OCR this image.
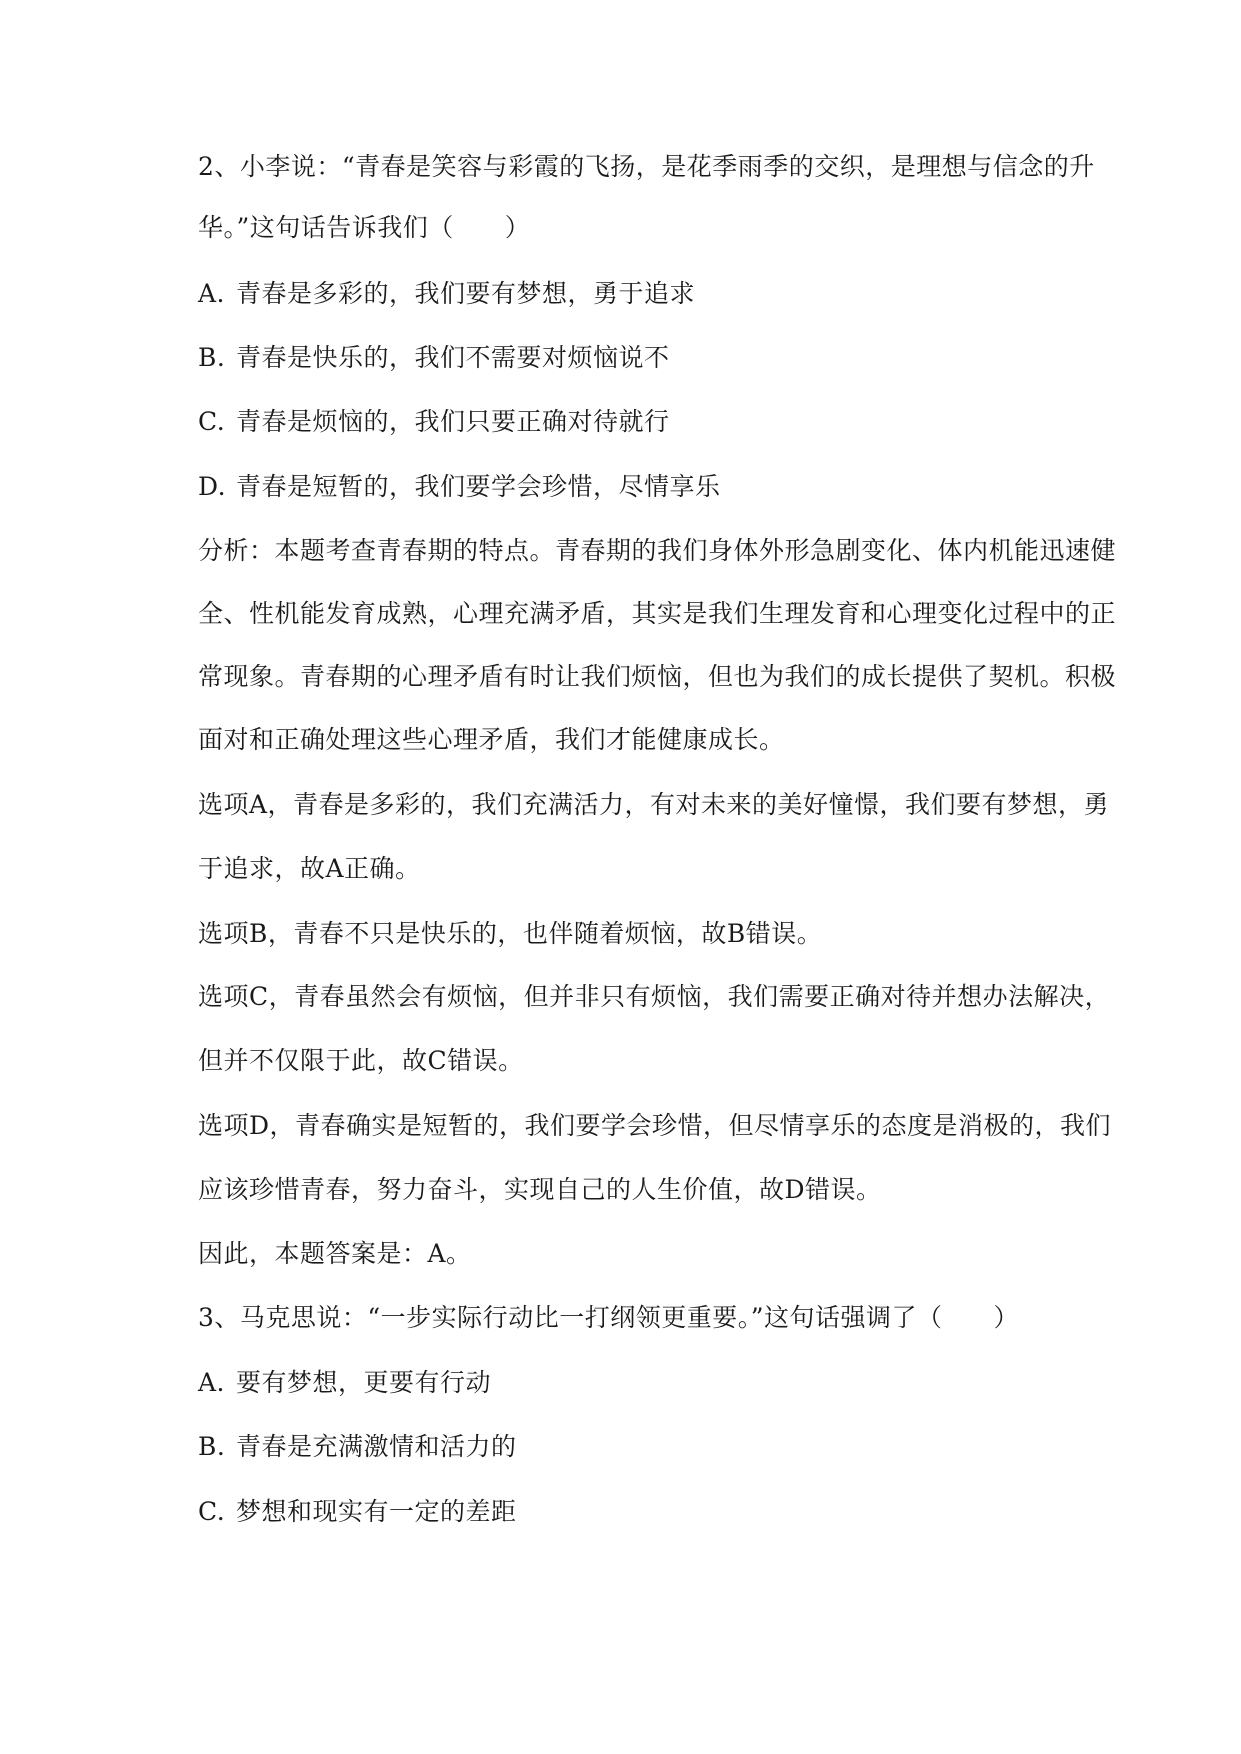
2、小李说：“青春是笑容与彩霞的飞扬，是花季雨季的交织，是理想与信念的升
华。”这句话告诉我们（　　）
A. 青春是多彩的，我们要有梦想，勇于追求
B. 青春是快乐的，我们不需要对烦恼说不
C. 青春是烦恼的，我们只要正确对待就行
D. 青春是短暂的，我们要学会珍惜，尽情享乐
分析：本题考查青春期的特点。青春期的我们身体外形急剧变化、体内机能迅速健
全、性机能发育成熟，心理充满矛盾，其实是我们生理发育和心理变化过程中的正
常现象。青春期的心理矛盾有时让我们烦恼，但也为我们的成长提供了契机。积极
面对和正确处理这些心理矛盾，我们才能健康成长。
选项A，青春是多彩的，我们充满活力，有对未来的美好憧憬，我们要有梦想，勇
于追求，故A正确。
选项B，青春不只是快乐的，也伴随着烦恼，故B错误。
选项C，青春虽然会有烦恼，但并非只有烦恼，我们需要正确对待并想办法解决，
但并不仅限于此，故C错误。
选项D，青春确实是短暂的，我们要学会珍惜，但尽情享乐的态度是消极的，我们
应该珍惜青春，努力奋斗，实现自己的人生价值，故D错误。
因此，本题答案是：A。
3、马克思说：“一步实际行动比一打纲领更重要。”这句话强调了（　　）
A. 要有梦想，更要有行动
B. 青春是充满激情和活力的
C. 梦想和现实有一定的差距
